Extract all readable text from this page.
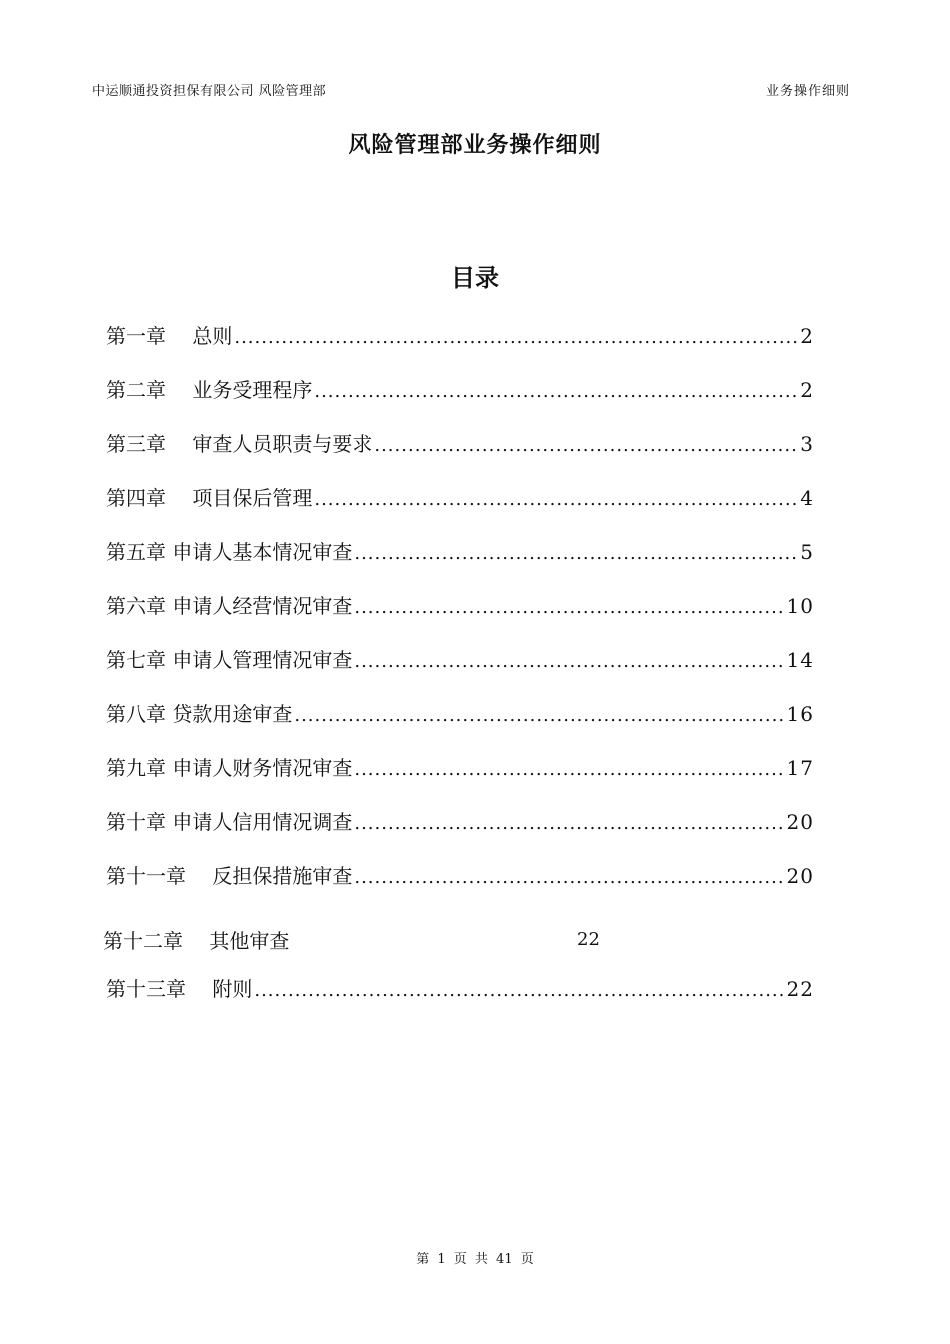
中运顺通投资担保有限公司 风险管理部	业务操作细则
风险管理部业务操作细则
目录
第一章　 总则 .....	2
第二章　 业务受理程序 .....	2
第三章　 审查人员职责与要求 .....	3
第四章　 项目保后管理 .....	4
第五章 申请人基本情况审查 .....	5
第六章 申请人经营情况审查 .....	10
第七章 申请人管理情况审查 .....	14
第八章 贷款用途审查 .....	16
第九章 申请人财务情况审查 .....	17
第十章 申请人信用情况调查 .....	20
第十一章　 反担保措施审查 .....	20
第十二章　 其他审查	22
第十三章　 附则 .....	22
第 1 页 共 41 页
